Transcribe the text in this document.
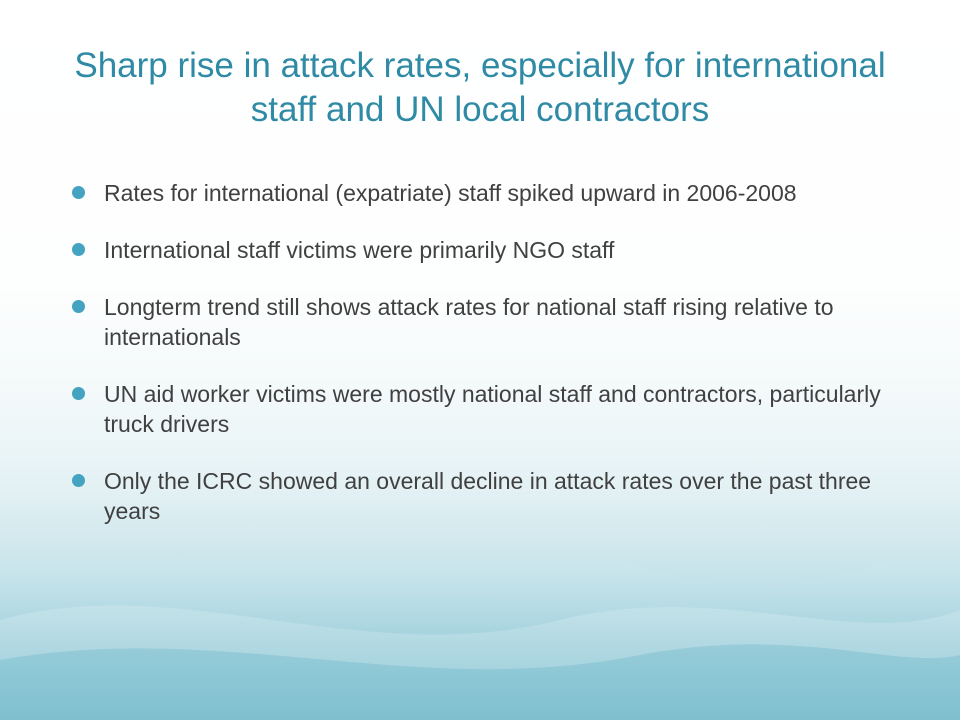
Sharp rise in attack rates, especially for international staff and UN local contractors
Rates for international (expatriate) staff spiked upward in 2006-2008
International staff victims were primarily NGO staff
Longterm trend still shows attack rates for national staff rising relative to internationals
UN aid worker victims were mostly national staff and contractors, particularly truck drivers
Only the ICRC showed an overall decline in attack rates over the past three years
